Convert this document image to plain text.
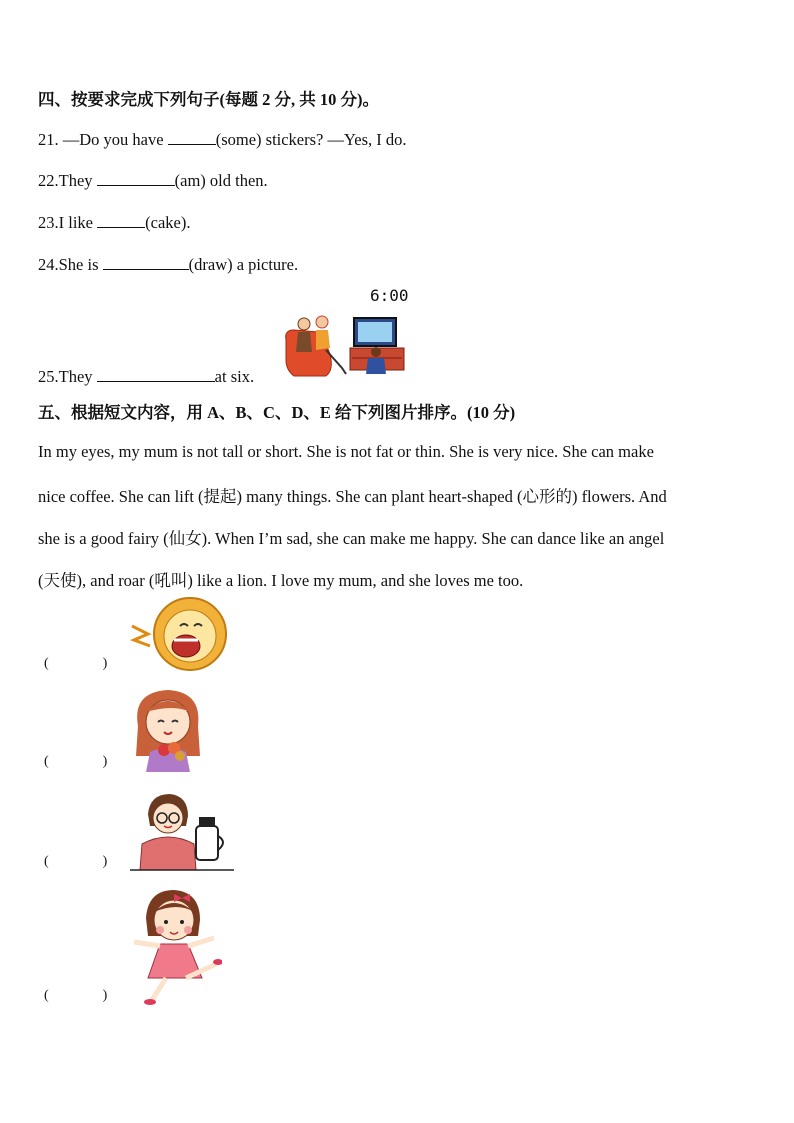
四、按要求完成下列句子(每题 2 分, 共 10 分)。
21. —Do you have	(some) stickers? —Yes, I do.
22.They	(am) old then.
23.I like	(cake).
24.She is	(draw) a picture.
6:00
25.They	at six.
五、根据短文内容，用 A、B、C、D、E 给下列图片排序。(10 分)
In my eyes, my mum is not tall or short. She is not fat or thin. She is very nice. She can make
nice coffee. She can lift (提起) many things. She can plant heart-shaped (心形的) flowers. And
she is a good fairy (仙女). When I’m sad, she can make me happy. She can dance like an angel
(天使), and roar (吼叫) like a lion. I love my mum, and she loves me too.
(	)
(	)
(	)
(	)
